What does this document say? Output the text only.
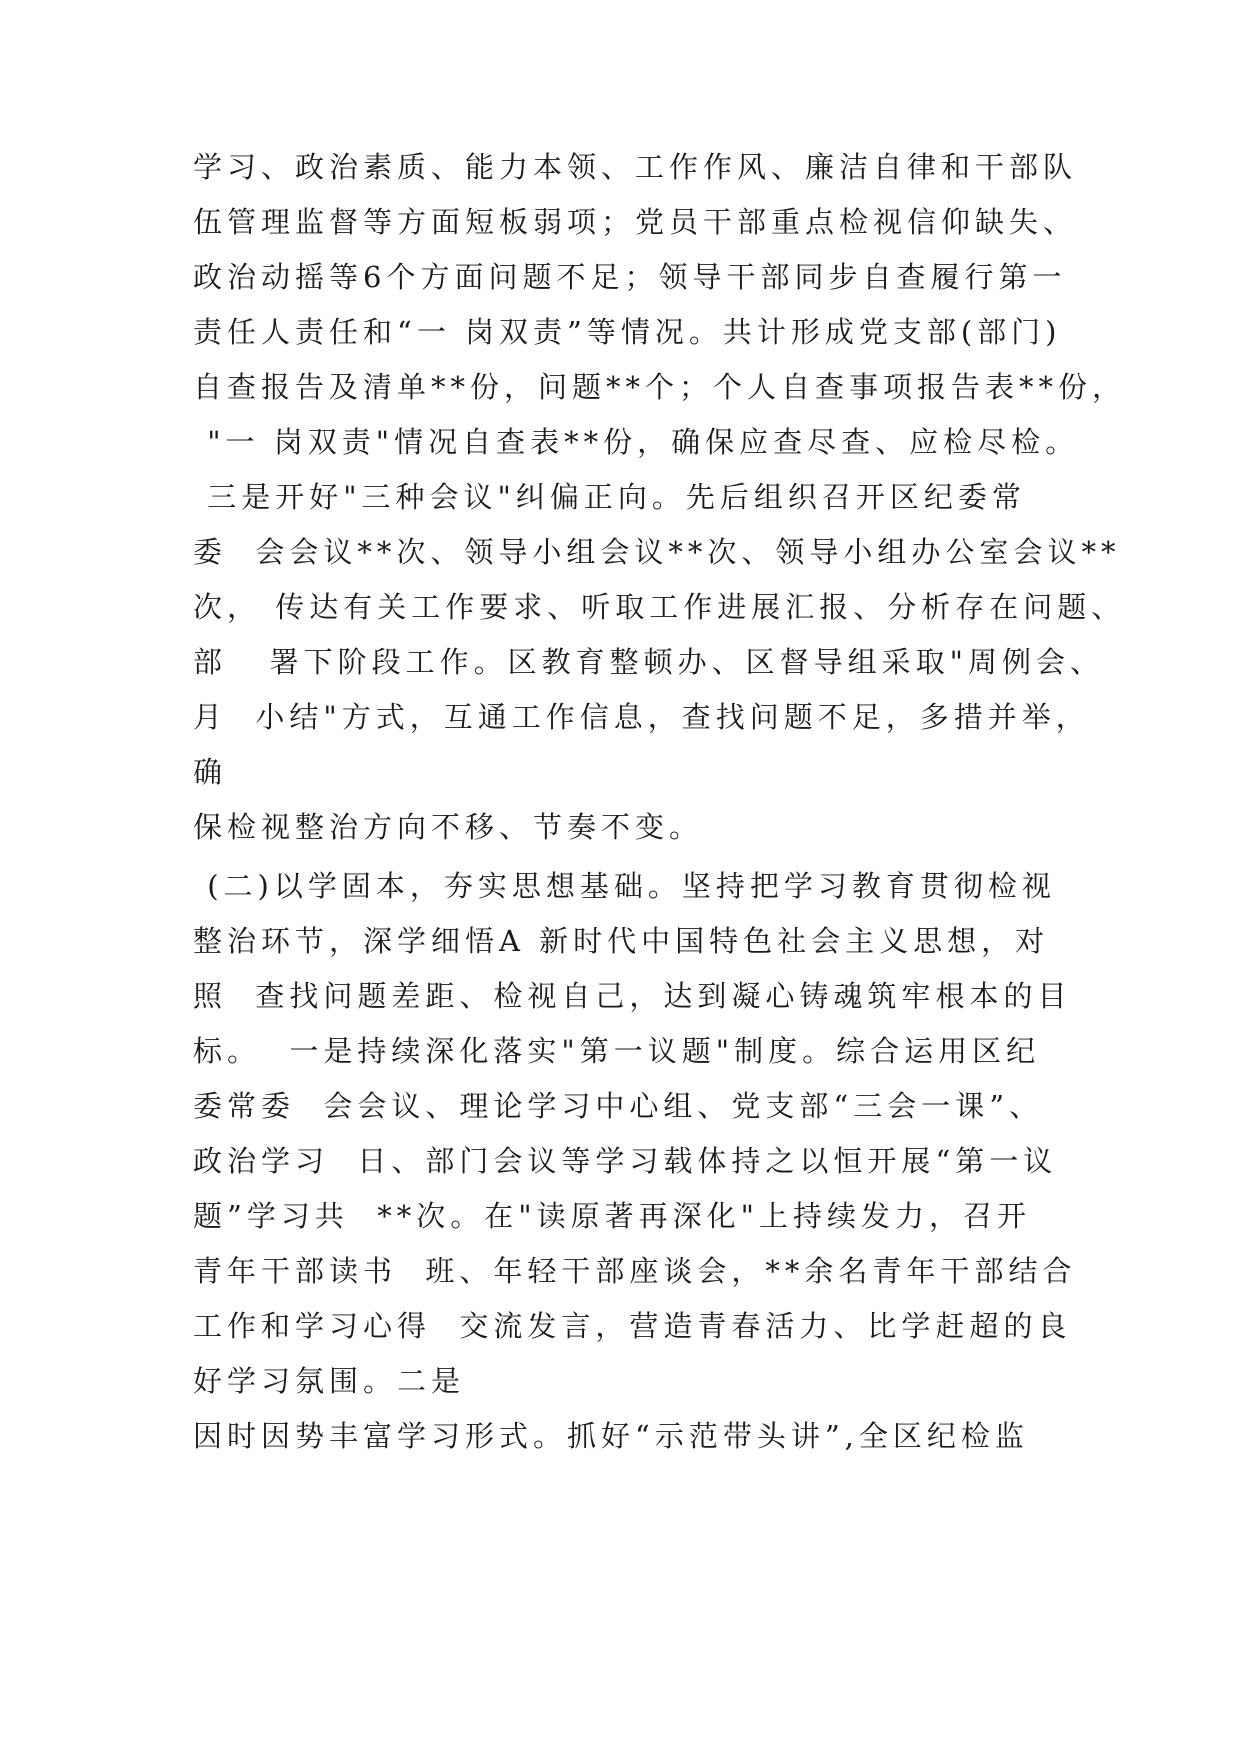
学习、政治素质、能力本领、工作作风、廉洁自律和干部队
伍管理监督等方面短板弱项；党员干部重点检视信仰缺失、
政治动摇等6个方面问题不足；领导干部同步自查履行第一
责任人责任和“一 岗双责”等情况。共计形成党支部(部门)
自查报告及清单**份，问题**个；个人自查事项报告表**份，
"一 岗双责"情况自查表**份，确保应查尽查、应检尽检。
三是开好"三种会议"纠偏正向。先后组织召开区纪委常
委  会会议**次、领导小组会议**次、领导小组办公室会议**
次， 传达有关工作要求、听取工作进展汇报、分析存在问题、
部   署下阶段工作。区教育整顿办、区督导组采取"周例会、
月  小结"方式，互通工作信息，查找问题不足，多措并举，
确
保检视整治方向不移、节奏不变。
(二)以学固本，夯实思想基础。坚持把学习教育贯彻检视
整治环节，深学细悟A 新时代中国特色社会主义思想，对
照  查找问题差距、检视自己，达到凝心铸魂筑牢根本的目
标。  一是持续深化落实"第一议题"制度。综合运用区纪
委常委  会会议、理论学习中心组、党支部“三会一课”、
政治学习  日、部门会议等学习载体持之以恒开展“第一议
题”学习共  **次。在"读原著再深化"上持续发力，召开
青年干部读书  班、年轻干部座谈会，**余名青年干部结合
工作和学习心得  交流发言，营造青春活力、比学赶超的良
好学习氛围。二是
因时因势丰富学习形式。抓好“示范带头讲”,全区纪检监
